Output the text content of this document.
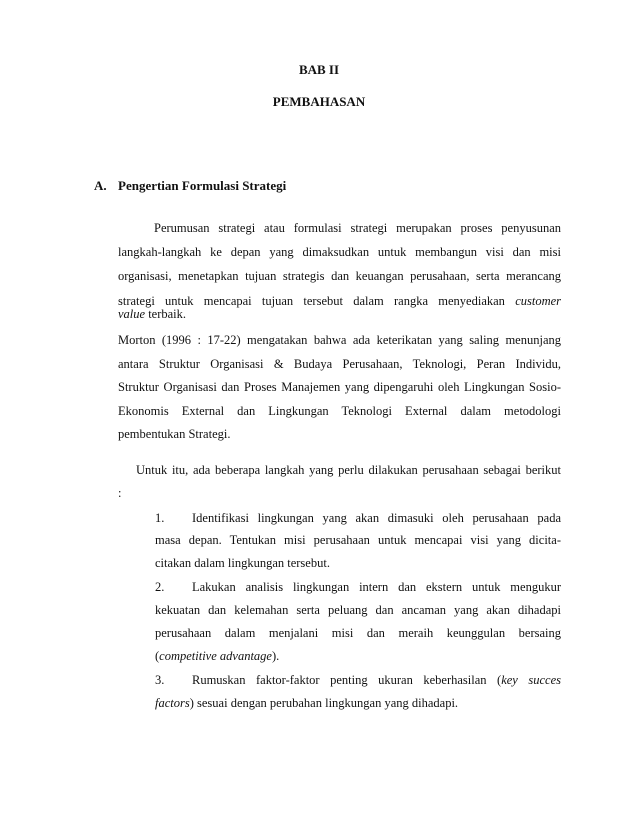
BAB II
PEMBAHASAN
A. Pengertian Formulasi Strategi
Perumusan strategi atau formulasi strategi merupakan proses penyusunan
langkah-langkah ke depan yang dimaksudkan untuk membangun visi dan misi
organisasi, menetapkan tujuan strategis dan keuangan perusahaan, serta merancang
strategi untuk mencapai tujuan tersebut dalam rangka menyediakan customer
value terbaik.
Morton (1996 : 17-22) mengatakan bahwa ada keterikatan yang saling menunjang
antara Struktur Organisasi & Budaya Perusahaan, Teknologi, Peran Individu,
Struktur Organisasi dan Proses Manajemen yang dipengaruhi oleh Lingkungan Sosio-
Ekonomis External dan Lingkungan Teknologi External dalam metodologi
pembentukan Strategi.
Untuk itu, ada beberapa langkah yang perlu dilakukan perusahaan sebagai berikut
:
1. Identifikasi lingkungan yang akan dimasuki oleh perusahaan pada
masa depan. Tentukan misi perusahaan untuk mencapai visi yang dicita-
citakan dalam lingkungan tersebut.
2. Lakukan analisis lingkungan intern dan ekstern untuk mengukur
kekuatan dan kelemahan serta peluang dan ancaman yang akan dihadapi
perusahaan dalam menjalani misi dan meraih keunggulan bersaing
(competitive advantage).
3. Rumuskan faktor-faktor penting ukuran keberhasilan (key succes
factors) sesuai dengan perubahan lingkungan yang dihadapi.
